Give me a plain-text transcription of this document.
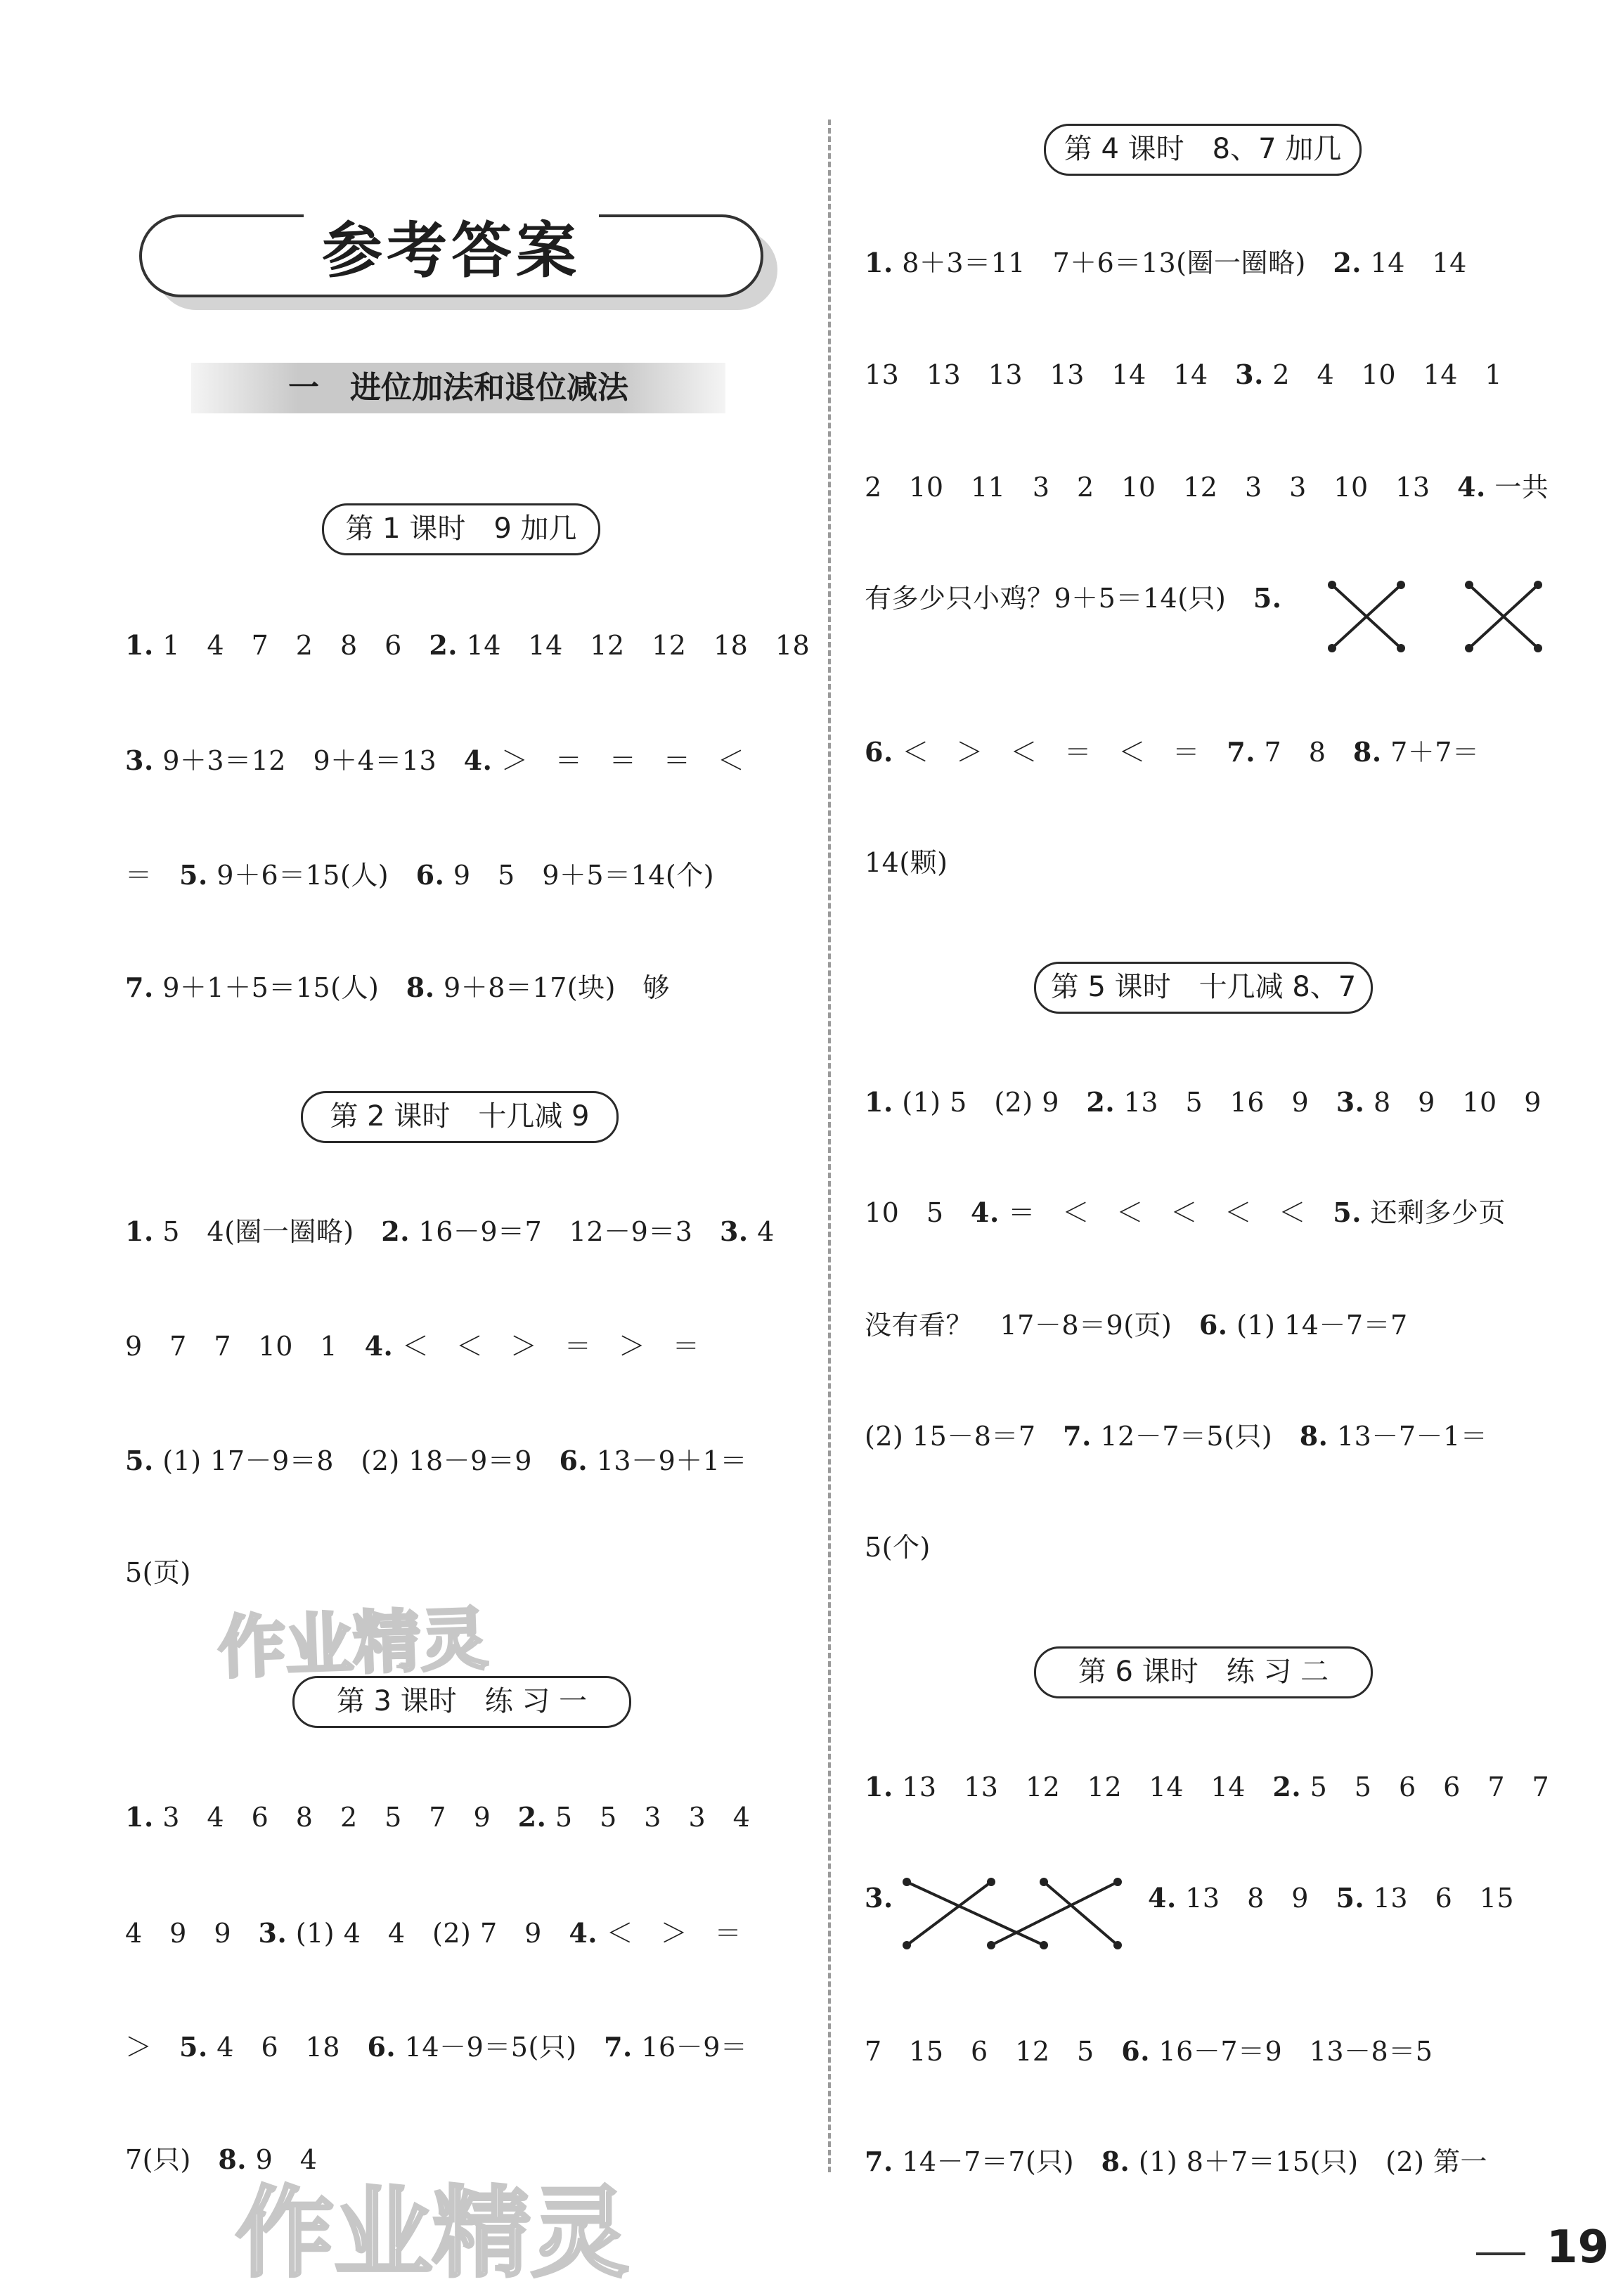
参考答案
一　进位加法和退位减法
第 1 课时　9 加几
1. 1　4　7　2　8　6　2. 14　14　12　12　18　18
3. 9＋3＝12　9＋4＝13　4. ＞　＝　＝　＝　＜
＝　5. 9＋6＝15(人)　6. 9　5　9＋5＝14(个)
7. 9＋1＋5＝15(人)　8. 9＋8＝17(块)　够
第 2 课时　十几减 9
1. 5　4(圈一圈略)　2. 16－9＝7　12－9＝3　3. 4
9　7　7　10　1　4. ＜　＜　＞　＝　＞　＝
5. (1) 17－9＝8　(2) 18－9＝9　6. 13－9＋1＝
5(页)
第 3 课时　练 习 一
1. 3　4　6　8　2　5　7　9　2. 5　5　3　3　4
4　9　9　3. (1) 4　4　(2) 7　9　4. ＜　＞　＝
＞　5. 4　6　18　6. 14－9＝5(只)　7. 16－9＝
7(只)　8. 9　4
第 4 课时　8、7 加几
1. 8＋3＝11　7＋6＝13(圈一圈略)　2. 14　14
13　13　13　13　14　14　3. 2　4　10　14　1
2　10　11　3　2　10　12　3　3　10　13　4. 一共
有多少只小鸡？9＋5＝14(只)　5.
6. ＜　＞　＜　＝　＜　＝　7. 7　8　8. 7＋7＝
14(颗)
第 5 课时　十几减 8、7
1. (1) 5　(2) 9　2. 13　5　16　9　3. 8　9　10　9
10　5　4. ＝　＜　＜　＜　＜　＜　5. 还剩多少页
没有看？　17－8＝9(页)　6. (1) 14－7＝7
(2) 15－8＝7　7. 12－7＝5(只)　8. 13－7－1＝
5(个)
第 6 课时　练 习 二
1. 13　13　12　12　14　14　2. 5　5　6　6　7　7
3.	4. 13　8　9　5. 13　6　15
7　15　6　12　5　6. 16－7＝9　13－8＝5
7. 14－7＝7(只)　8. (1) 8＋7＝15(只)　(2) 第一
作业精灵
作业精灵	19
